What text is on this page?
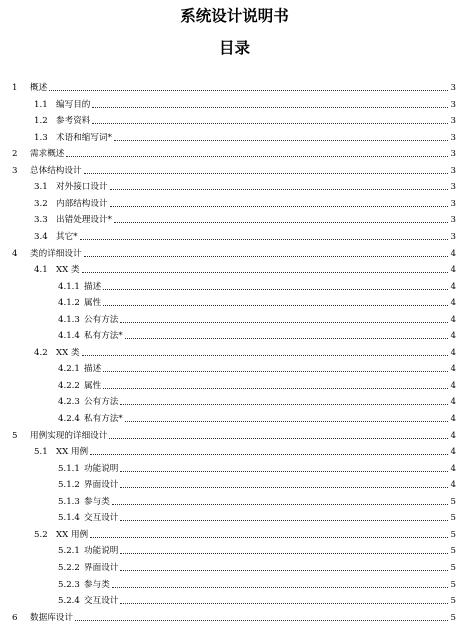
系统设计说明书
目录
1	概述	3
1.1 编写目的	3
1.2 参考资料	3
1.3 术语和缩写词*	3
2	需求概述	3
3	总体结构设计	3
3.1 对外接口设计	3
3.2 内部结构设计	3
3.3 出错处理设计*	3
3.4 其它*	3
4	类的详细设计	4
4.1 XX 类	4
4.1.1 描述	4
4.1.2 属性	4
4.1.3 公有方法	4
4.1.4 私有方法*	4
4.2 XX 类	4
4.2.1 描述	4
4.2.2 属性	4
4.2.3 公有方法	4
4.2.4 私有方法*	4
5	用例实现的详细设计	4
5.1 XX 用例	4
5.1.1 功能说明	4
5.1.2 界面设计	4
5.1.3 参与类	5
5.1.4 交互设计	5
5.2 XX 用例	5
5.2.1 功能说明	5
5.2.2 界面设计	5
5.2.3 参与类	5
5.2.4 交互设计	5
6	数据库设计	5
